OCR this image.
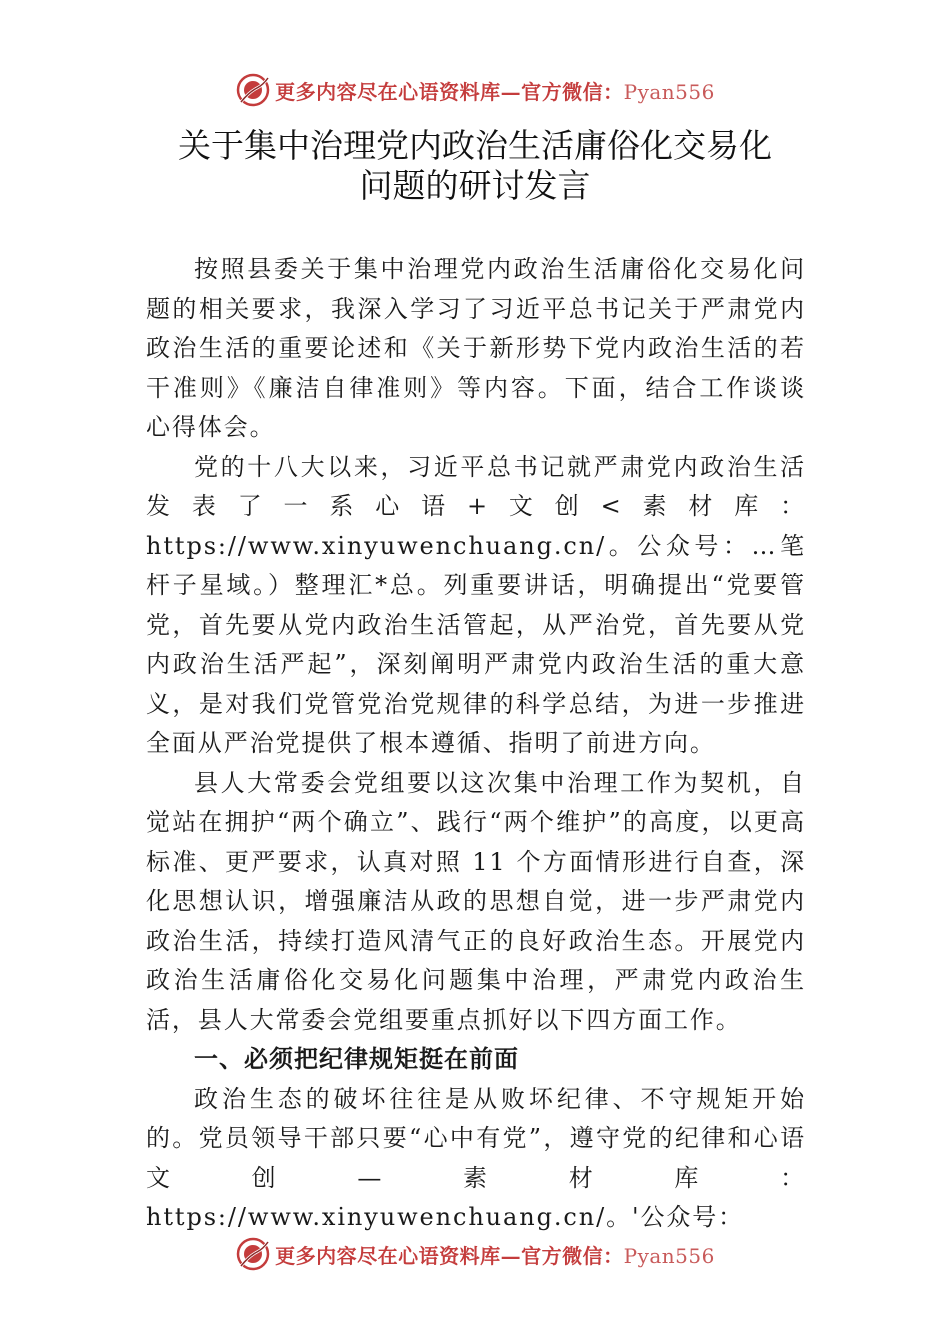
更多内容尽在心语资料库—官方微信：Pyan556
关于集中治理党内政治生活庸俗化交易化
问题的研讨发言

按照县委关于集中治理党内政治生活庸俗化交易化问题的相关要求，我深入学习了习近平总书记关于严肃党内政治生活的重要论述和《关于新形势下党内政治生活的若干准则》《廉洁自律准则》等内容。下面，结合工作谈谈心得体会。

党的十八大以来，习近平总书记就严肃党内政治生活发表了一系心语+文创<素材库：https://www.xinyuwenchuang.cn/。公众号：…笔杆子星域。）整理汇*总。列重要讲话，明确提出“党要管党，首先要从党内政治生活管起，从严治党，首先要从党内政治生活严起”，深刻阐明严肃党内政治生活的重大意义，是对我们党管党治党规律的科学总结，为进一步推进全面从严治党提供了根本遵循、指明了前进方向。

县人大常委会党组要以这次集中治理工作为契机，自觉站在拥护“两个确立”、践行“两个维护”的高度，以更高标准、更严要求，认真对照 11 个方面情形进行自查，深化思想认识，增强廉洁从政的思想自觉，进一步严肃党内政治生活，持续打造风清气正的良好政治生态。开展党内政治生活庸俗化交易化问题集中治理，严肃党内政治生活，县人大常委会党组要重点抓好以下四方面工作。

一、必须把纪律规矩挺在前面

政治生态的破坏往往是从败坏纪律、不守规矩开始的。党员领导干部只要“心中有党”，遵守党的纪律和心语文创—素材库：https://www.xinyuwenchuang.cn/。'公众号：

更多内容尽在心语资料库—官方微信：Pyan556
